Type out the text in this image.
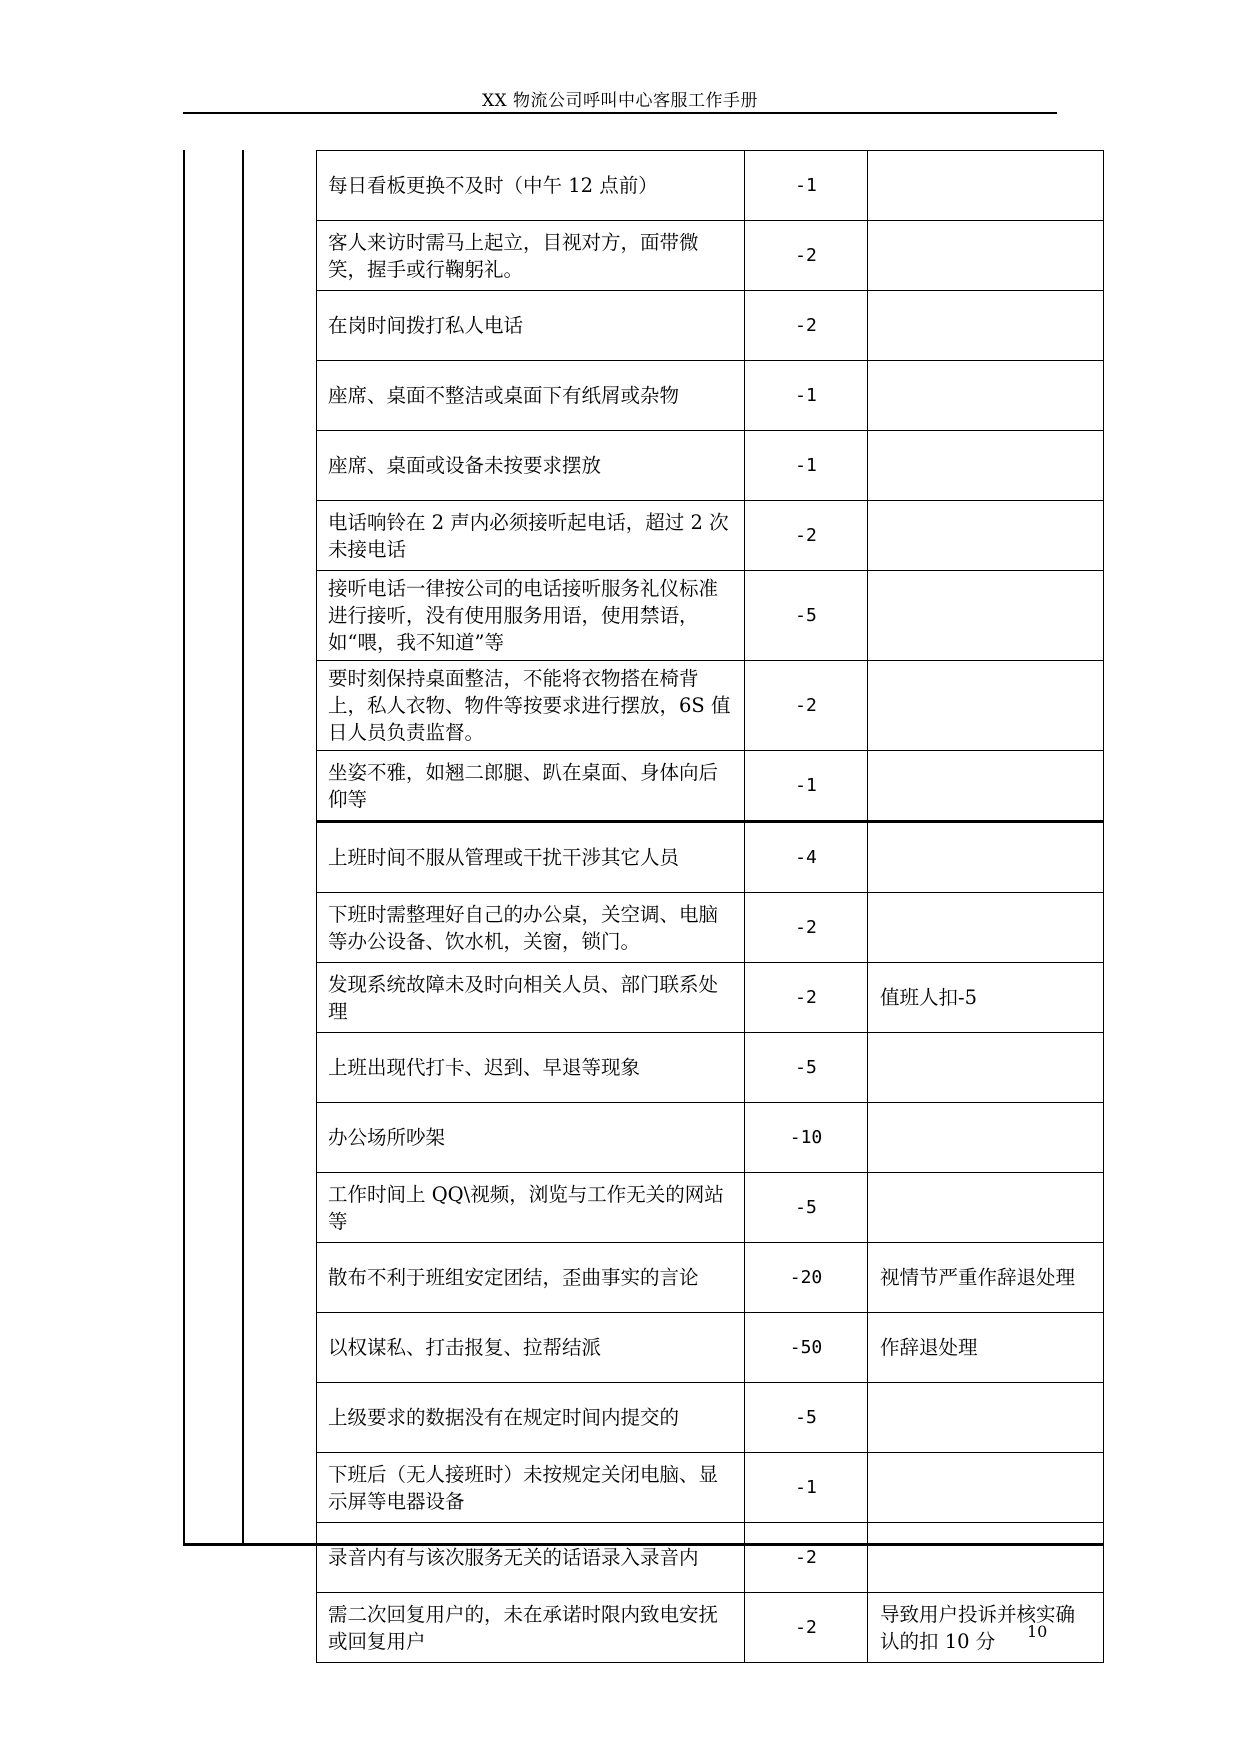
XX 物流公司呼叫中心客服工作手册
每日看板更换不及时（中午 12 点前）	-1	
客人来访时需马上起立，目视对方，面带微笑，握手或行鞠躬礼。	-2	
在岗时间拨打私人电话	-2	
座席、桌面不整洁或桌面下有纸屑或杂物	-1	
座席、桌面或设备未按要求摆放	-1	
电话响铃在 2 声内必须接听起电话，超过 2 次未接电话	-2	
接听电话一律按公司的电话接听服务礼仪标准进行接听，没有使用服务用语，使用禁语，如“喂，我不知道”等	-5	
要时刻保持桌面整洁，不能将衣物搭在椅背上，私人衣物、物件等按要求进行摆放，6S 值日人员负责监督。	-2	
坐姿不雅，如翘二郎腿、趴在桌面、身体向后仰等	-1	
上班时间不服从管理或干扰干涉其它人员	-4	
下班时需整理好自己的办公桌，关空调、电脑等办公设备、饮水机，关窗，锁门。	-2	
发现系统故障未及时向相关人员、部门联系处理	-2	值班人扣-5
上班出现代打卡、迟到、早退等现象	-5	
办公场所吵架	-10	
工作时间上 QQ\视频，浏览与工作无关的网站等	-5	
散布不利于班组安定团结，歪曲事实的言论	-20	视情节严重作辞退处理
以权谋私、打击报复、拉帮结派	-50	作辞退处理
上级要求的数据没有在规定时间内提交的	-5	
下班后（无人接班时）未按规定关闭电脑、显示屏等电器设备	-1	
录音内有与该次服务无关的话语录入录音内	-2	
需二次回复用户的，未在承诺时限内致电安抚或回复用户	-2	导致用户投诉并核实确认的扣 10 分 10
